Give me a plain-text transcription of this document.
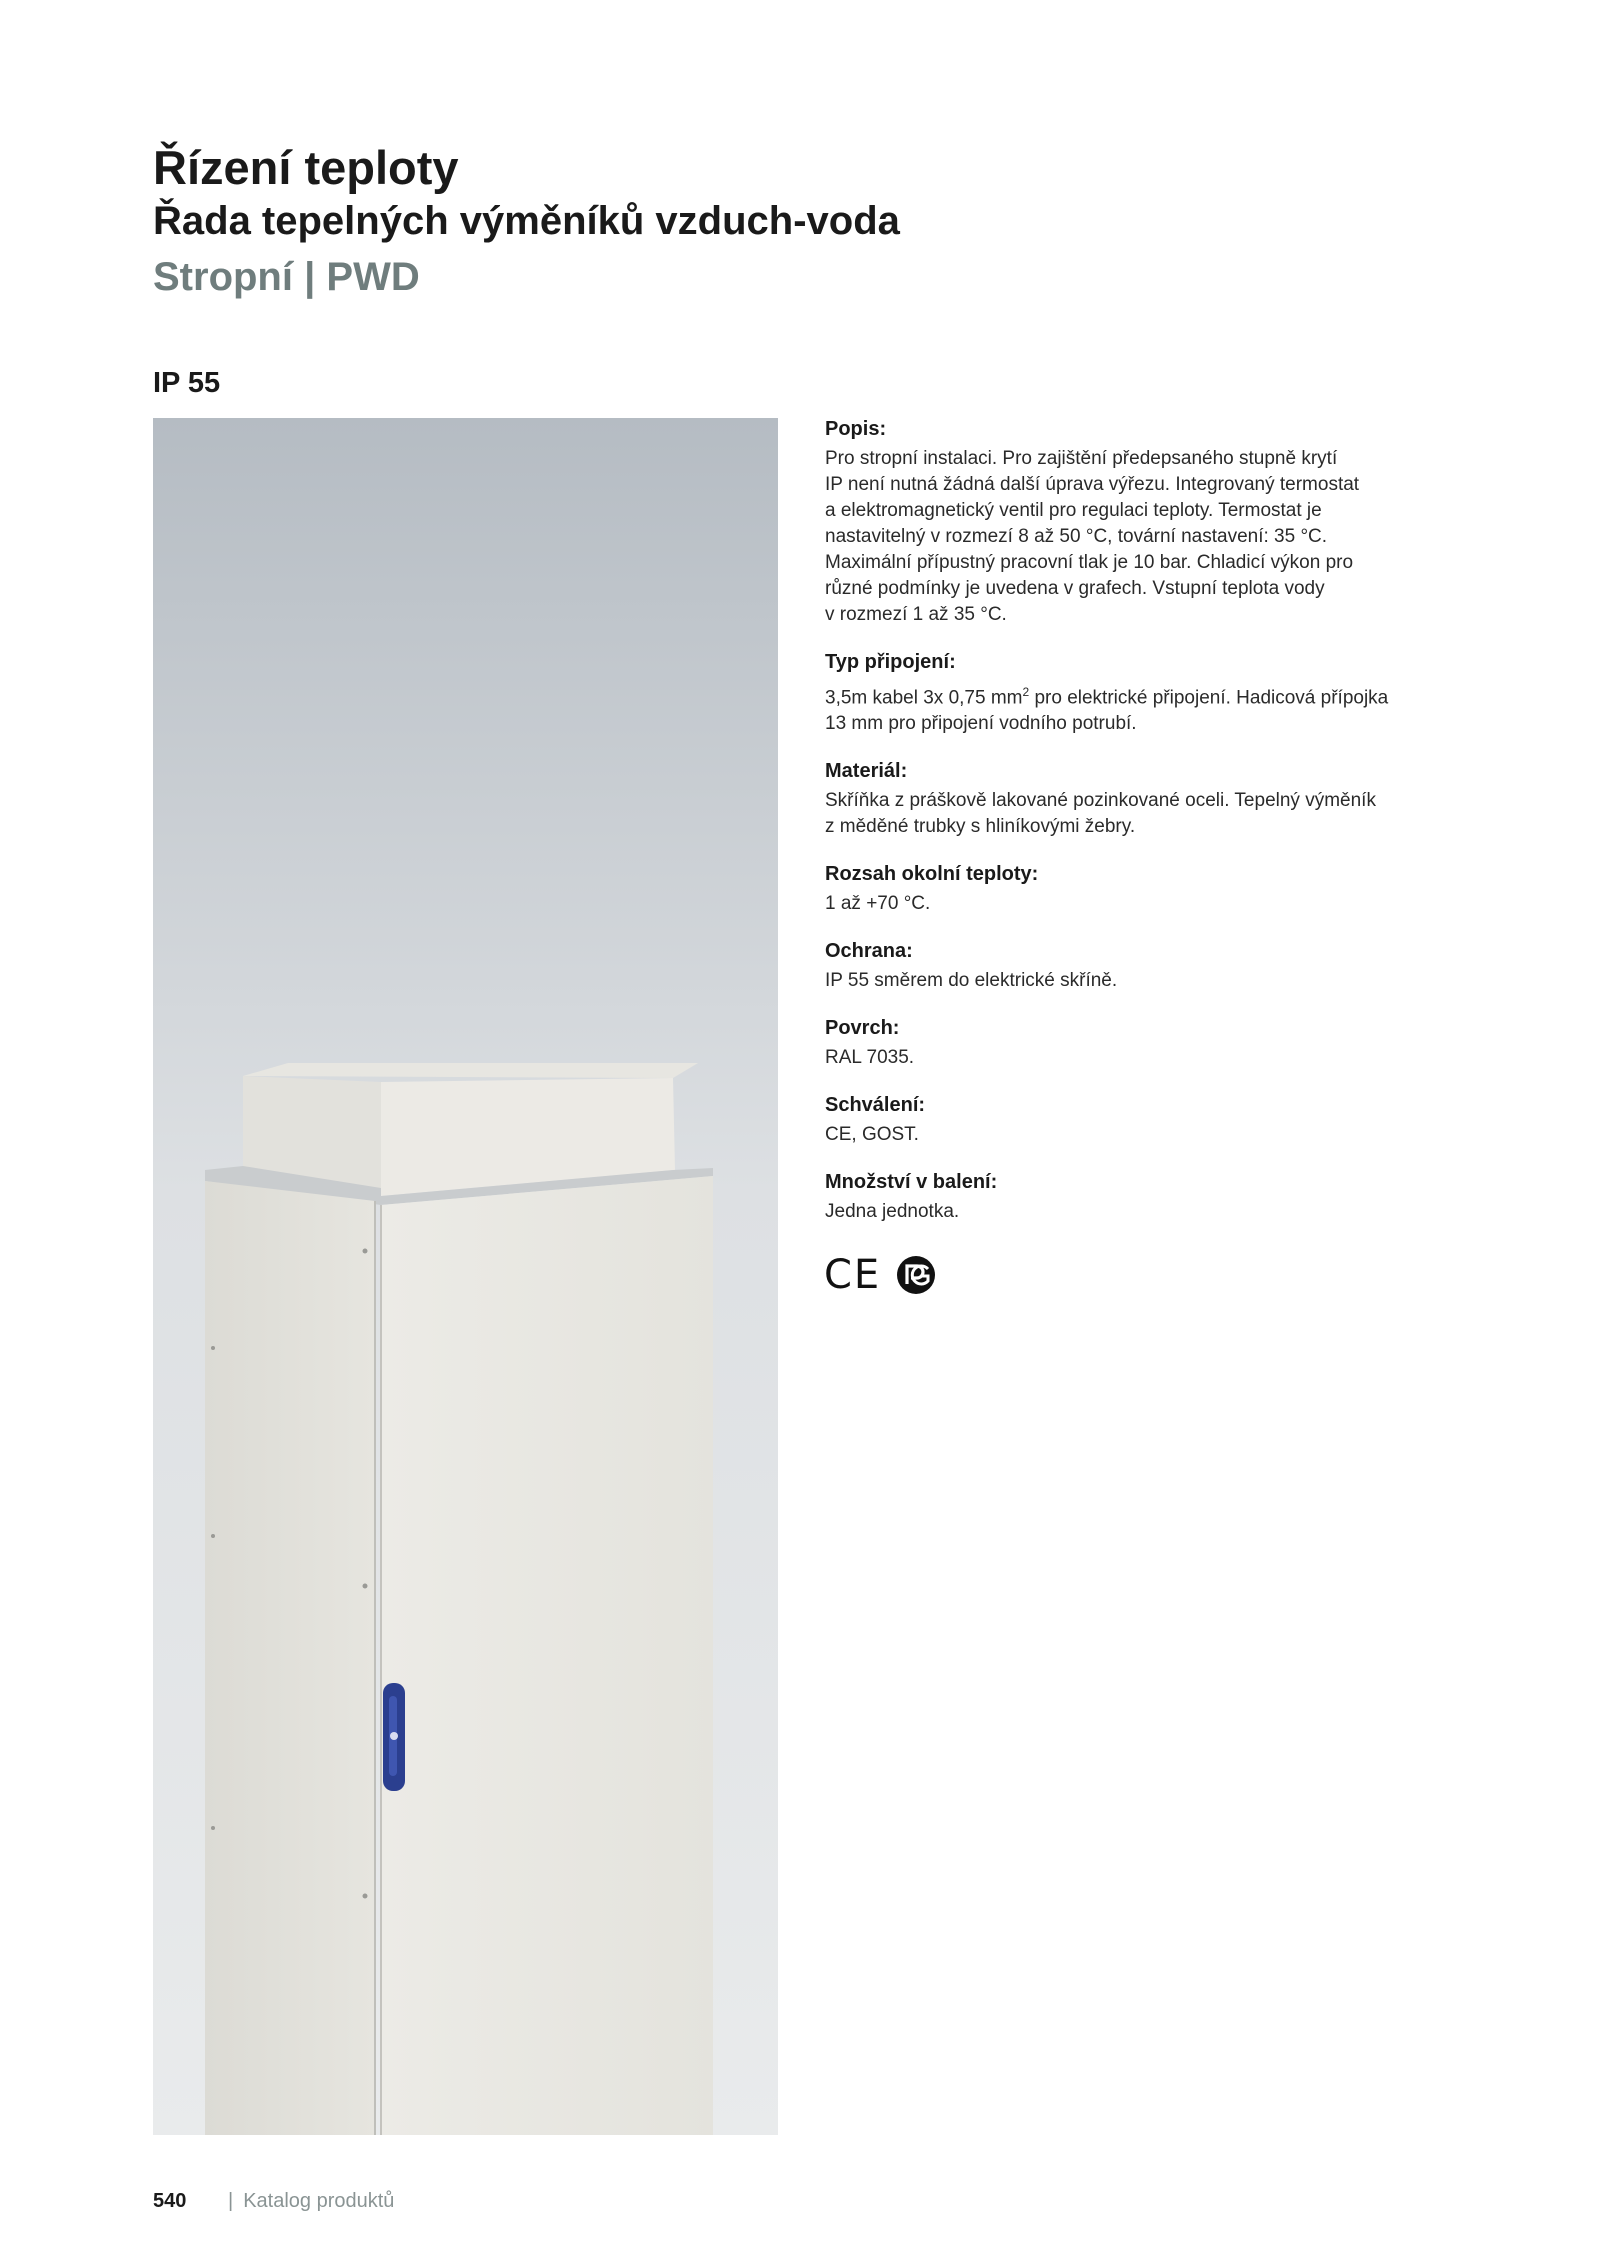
Řízení teploty
Řada tepelných výměníků vzduch-voda
Stropní | PWD
IP 55

Popis:

Pro stropní instalaci. Pro zajištění předepsaného stupně krytí
IP není nutná žádná další úprava výřezu. Integrovaný termostat
a elektromagnetický ventil pro regulaci teploty. Termostat je
nastavitelný v rozmezí 8 až 50 °C, tovární nastavení: 35 °C.
Maximální přípustný pracovní tlak je 10 bar. Chladicí výkon pro
různé podmínky je uvedena v grafech. Vstupní teplota vody
v rozmezí 1 až 35 °C.

Typ připojení:

3,5m kabel 3x 0,75 $mm^2$ pro elektrické připojení. Hadicová přípojka
13 mm pro připojení vodního potrubí.

Materiál:

Skříňka z práškově lakované pozinkované oceli. Tepelný výměník
z měděné trubky s hliníkovými žebry.

Rozsah okolní teploty:

1 až +70 °C.

Ochrana:

IP 55 směrem do elektrické skříně.

Povrch:

RAL 7035.

Schválení:

CE, GOST.

Množství v balení:

Jedna jednotka.

CE
540	| Katalog produktů
